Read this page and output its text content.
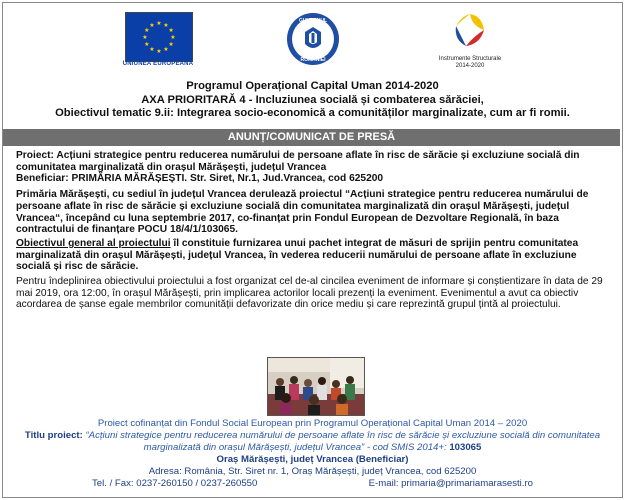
★ ★
★
★
★
★
★
★
★
★
★
★
UNIUNEA EUROPEANĂ
GUVERNUL
ROMÂNIEI	Instrumente Structurale
2014-2020
Programul Operațional Capital Uman 2014-2020
AXA PRIORITARĂ 4 - Incluziunea socială și combaterea sărăciei,
Obiectivul tematic 9.ii: Integrarea socio-economică a comunităților marginalizate, cum ar fi romii.
ANUNȚ/COMUNICAT DE PRESĂ

Proiect: Acțiuni strategice pentru reducerea numărului de persoane aflate în risc de sărăcie și excluziune socială din comunitatea marginalizată din orașul Mărășești, județul Vrancea

Beneficiar: PRIMĂRIA MĂRĂȘEȘTI. Str. Siret, Nr.1, Jud.Vrancea, cod 625200

Primăria Mărășești, cu sediul în județul Vrancea derulează proiectul “Acțiuni strategice pentru reducerea numărului de persoane aflate în risc de sărăcie și excluziune socială din comunitatea marginalizată din orașul Mărășești, județul Vrancea“, începând cu luna septembrie 2017, co-finanțat prin Fondul European de Dezvoltare Regională, în baza contractului de finanțare POCU 18/4/1/103065.

Obiectivul general al proiectului îl constituie furnizarea unui pachet integrat de măsuri de sprijin pentru comunitatea marginalizată din orașul Mărășești, județul Vrancea, în vederea reducerii numărului de persoane aflate în excluziune socială și risc de sărăcie.

Pentru îndeplinirea obiectivului proiectului a fost organizat cel de-al cincilea eveniment de informare și conștientizare în data de 29 mai 2019, ora 12:00, în orașul Mărășești, prin implicarea actorilor locali prezenți la eveniment. Evenimentul a avut ca obiectiv acordarea de șanse egale membrilor comunității defavorizate din orice mediu și care reprezintă grupul țintă al proiectului.

Proiect cofinanțat din Fondul Social European prin Programul Operațional Capital Uman 2014 – 2020
Titlu proiect: “Acțiuni strategice pentru reducerea numărului de persoane aflate în risc de sărăcie și excluziune socială din comunitatea marginalizată din orașul Mărășești, județul Vrancea” - cod SMIS 2014+: 103065
Oraș Mărășești, județ Vrancea (Beneficiar)
Adresa: România, Str. Siret nr. 1, Oraș Mărășești, județ Vrancea, cod 625200
Tel. / Fax: 0237-260150 / 0237-260550	E-mail: primaria@primariamarasesti.ro
